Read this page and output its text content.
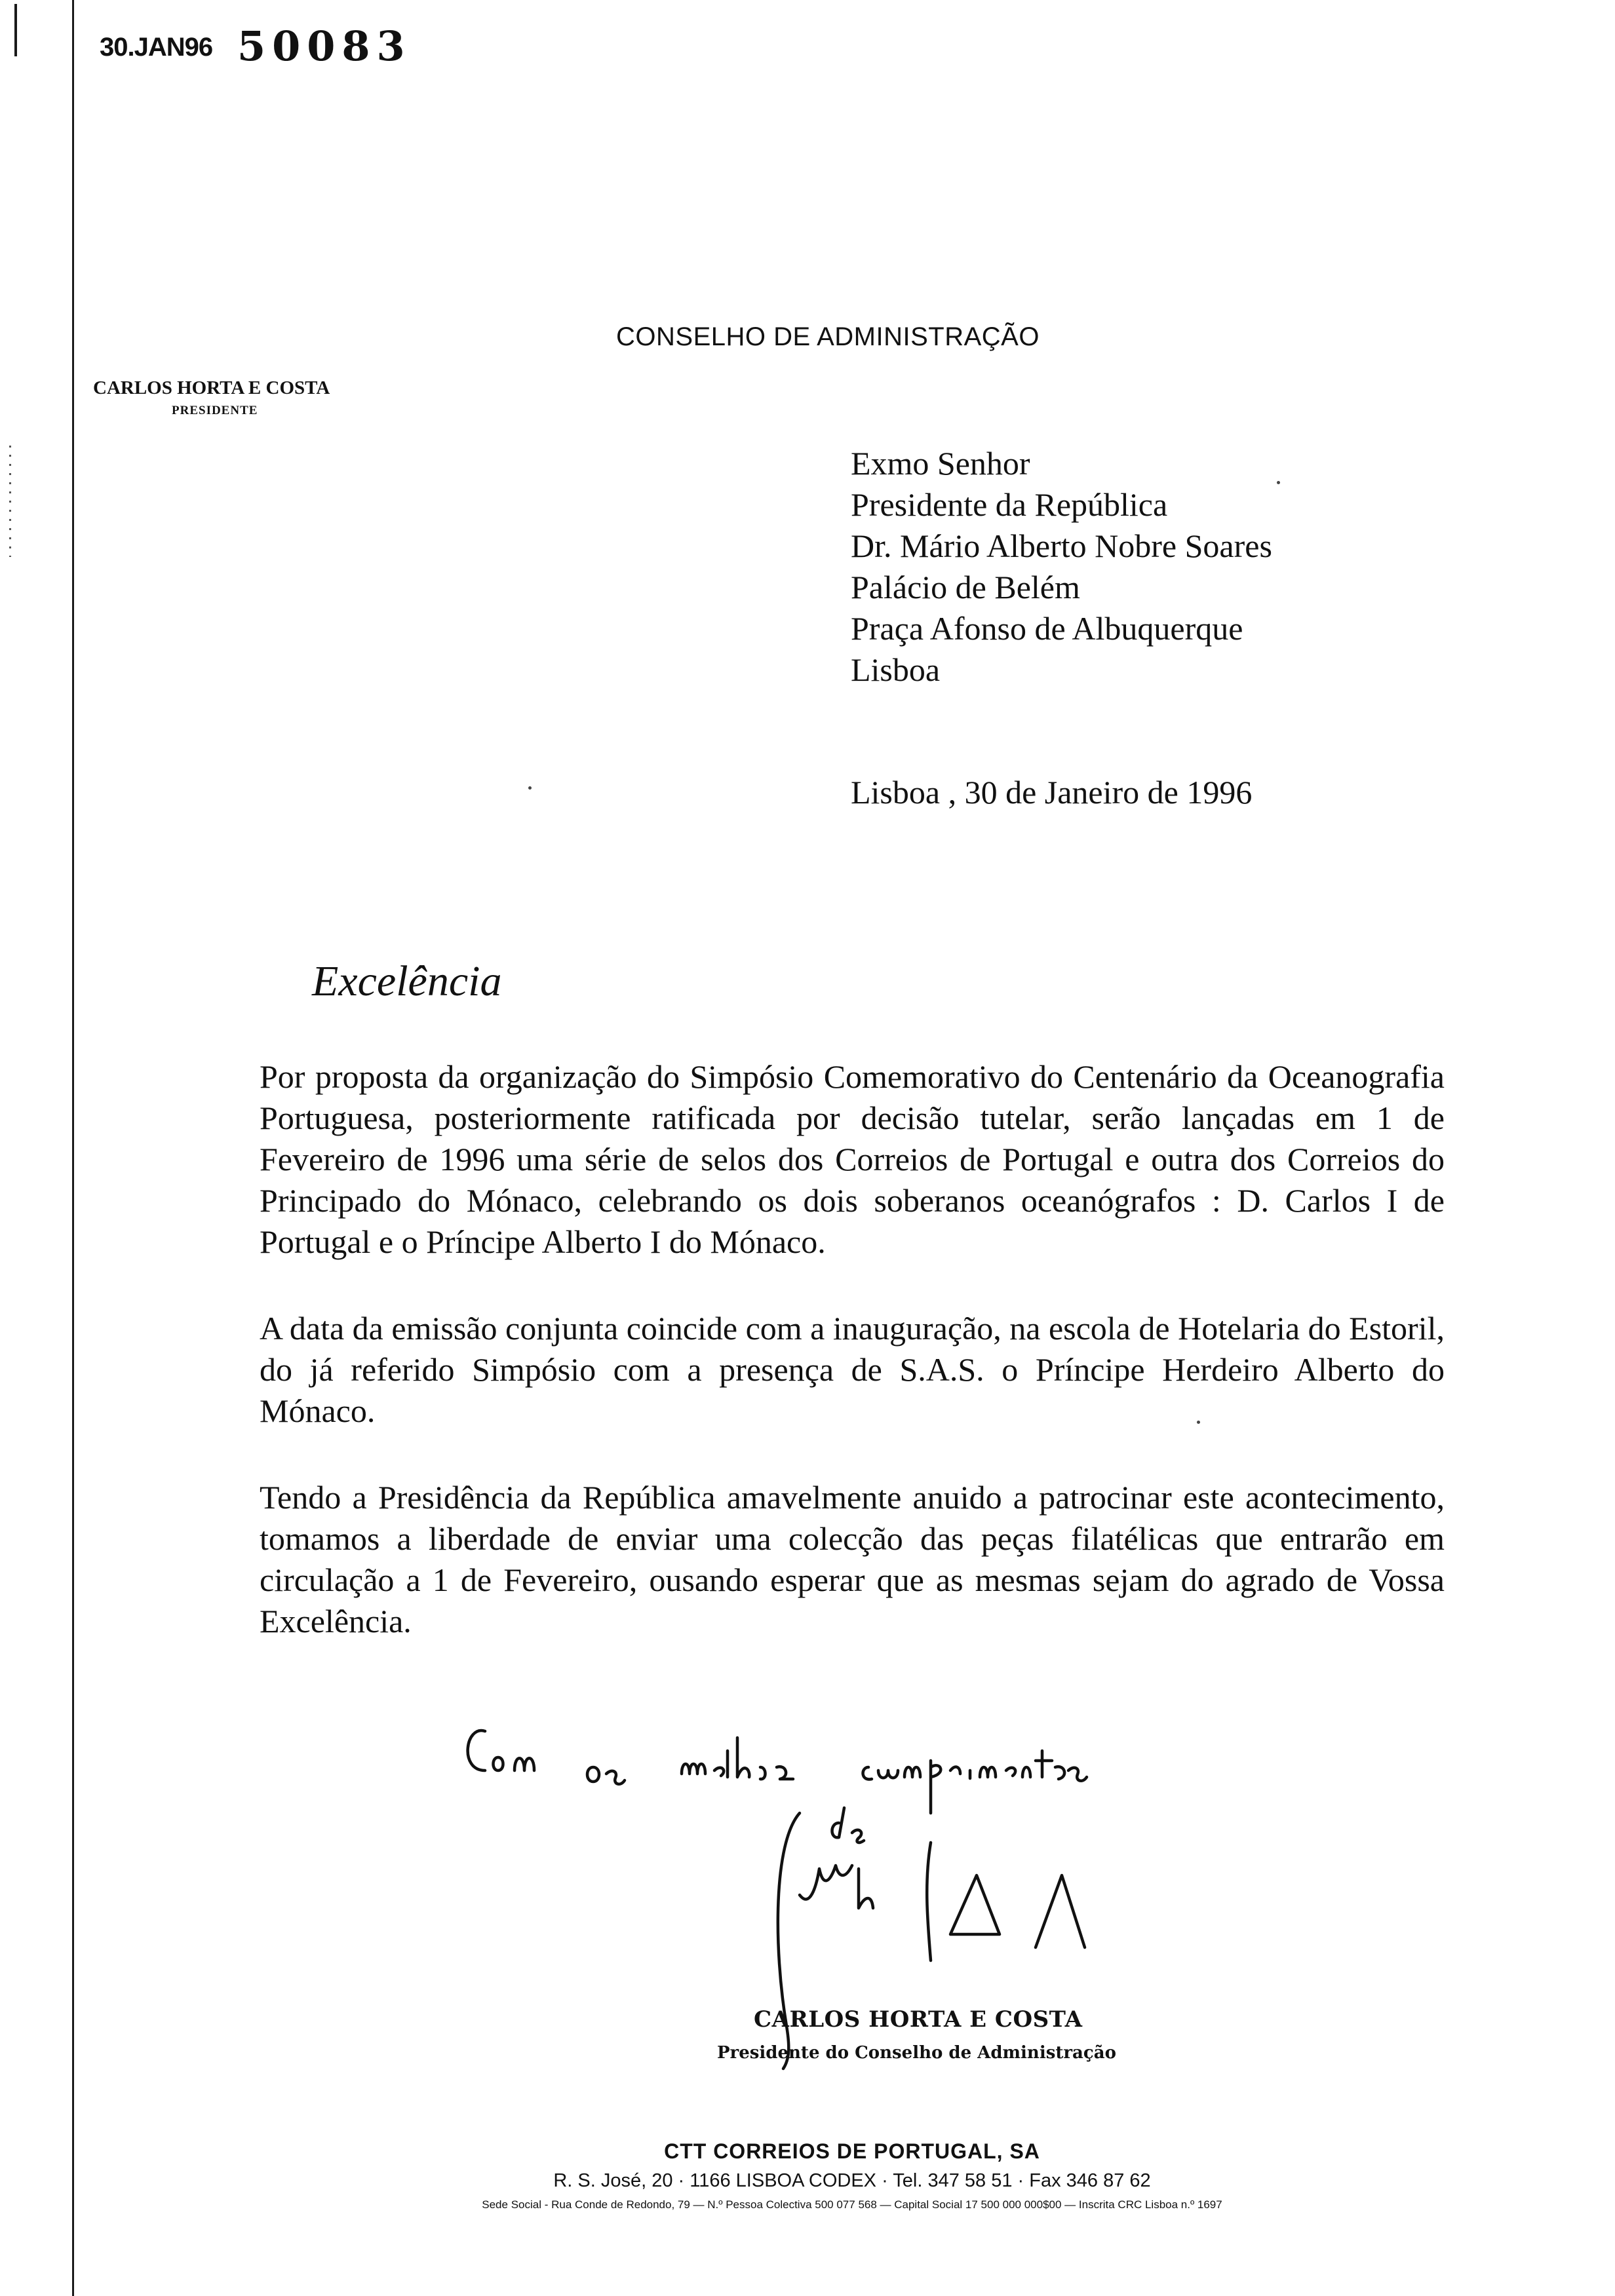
30.JAN96 50083
CONSELHO DE ADMINISTRAÇÃO
CARLOS HORTA E COSTA
PRESIDENTE
Exmo Senhor
Presidente da República
Dr. Mário Alberto Nobre Soares
Palácio de Belém
Praça Afonso de Albuquerque
Lisboa
Lisboa , 30 de Janeiro de 1996
Excelência
Por proposta da organização do Simpósio Comemorativo do Centenário da Oceanografia Portuguesa, posteriormente ratificada por decisão tutelar, serão lançadas em 1 de Fevereiro de 1996 uma série de selos dos Correios de Portugal e outra dos Correios do Principado do Mónaco, celebrando os dois soberanos oceanógrafos : D. Carlos I de Portugal e o Príncipe Alberto I do Mónaco.
A data da emissão conjunta coincide com a inauguração, na escola de Hotelaria do Estoril, do já referido Simpósio com a presença de S.A.S. o Príncipe Herdeiro Alberto do Mónaco.
Tendo a Presidência da República amavelmente anuido a patrocinar este acontecimento, tomamos a liberdade de enviar uma colecção das peças filatélicas que entrarão em circulação a 1 de Fevereiro, ousando esperar que as mesmas sejam do agrado de Vossa Excelência.
CARLOS HORTA E COSTA
Presidente do Conselho de Administração
CTT CORREIOS DE PORTUGAL, SA
R. S. José, 20 · 1166 LISBOA CODEX · Tel. 347 58 51 · Fax 346 87 62
Sede Social - Rua Conde de Redondo, 79 — N.º Pessoa Colectiva 500 077 568 — Capital Social 17 500 000 000$00 — Inscrita CRC Lisboa n.º 1697
